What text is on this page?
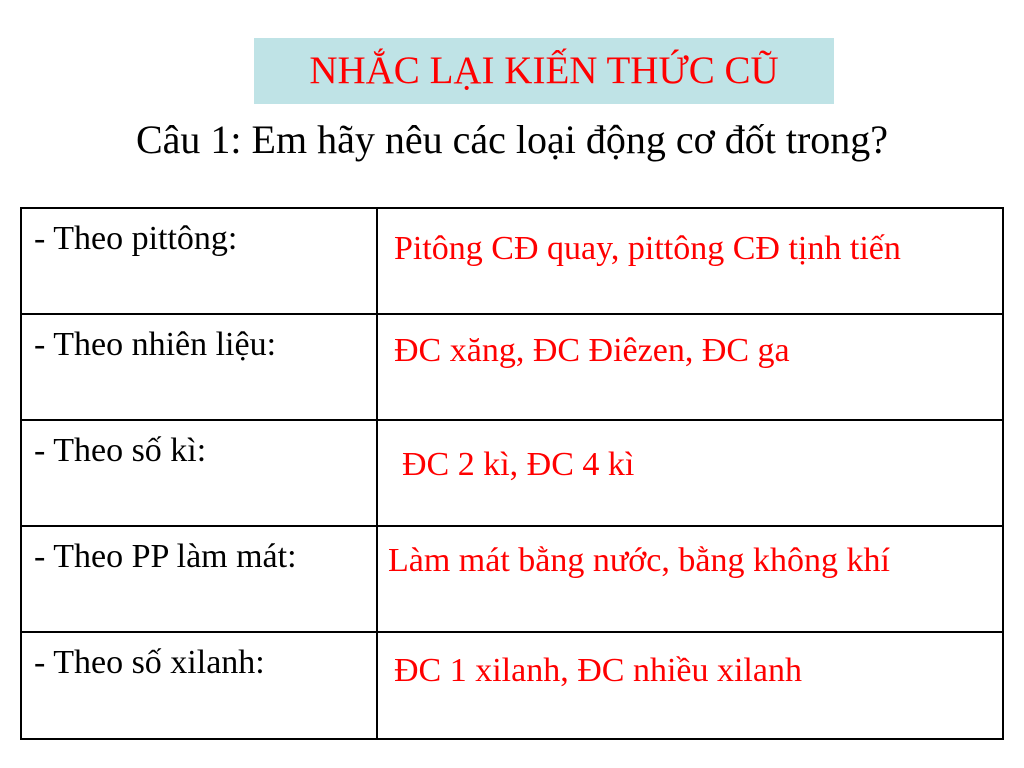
NHẮC LẠI KIẾN THỨC CŨ
Câu 1: Em hãy nêu các loại động cơ đốt trong?
- Theo pittông:	Pitông CĐ quay, pittông CĐ tịnh tiến

- Theo nhiên liệu:	ĐC xăng, ĐC Điêzen, ĐC ga

- Theo số kì:	ĐC 2 kì, ĐC 4 kì

- Theo PP làm mát:	Làm mát bằng nước, bằng không khí

- Theo số xilanh:	ĐC 1 xilanh, ĐC nhiều xilanh
